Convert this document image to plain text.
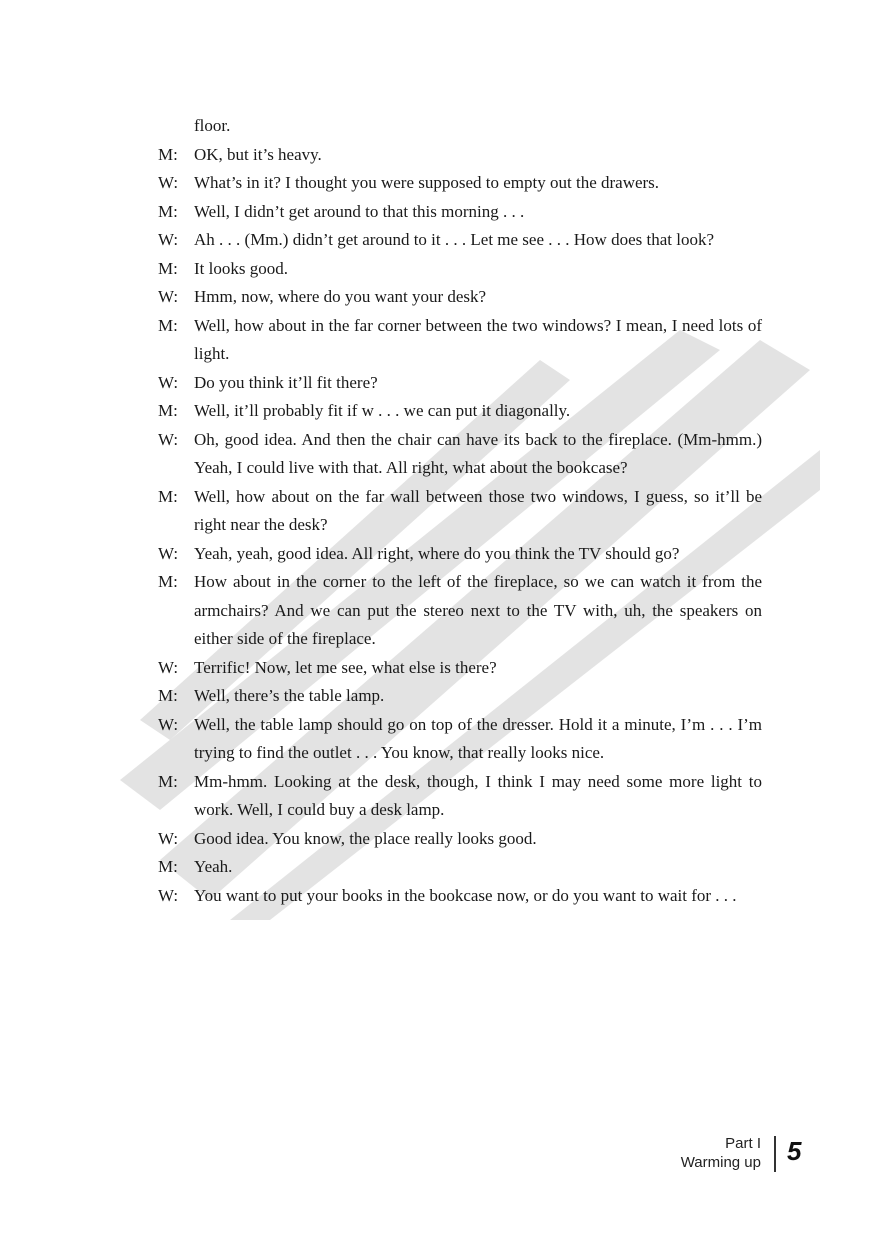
floor.
M: OK, but it’s heavy.
W: What’s in it? I thought you were supposed to empty out the drawers.
M: Well, I didn’t get around to that this morning . . .
W: Ah . . . (Mm.) didn’t get around to it . . . Let me see . . . How does that look?
M: It looks good.
W: Hmm, now, where do you want your desk?
M: Well, how about in the far corner between the two windows? I mean, I need lots of light.
W: Do you think it’ll fit there?
M: Well, it’ll probably fit if w . . . we can put it diagonally.
W: Oh, good idea. And then the chair can have its back to the fireplace. (Mm-hmm.) Yeah, I could live with that. All right, what about the bookcase?
M: Well, how about on the far wall between those two windows, I guess, so it’ll be right near the desk?
W: Yeah, yeah, good idea. All right, where do you think the TV should go?
M: How about in the corner to the left of the fireplace, so we can watch it from the armchairs? And we can put the stereo next to the TV with, uh, the speakers on either side of the fireplace.
W: Terrific! Now, let me see, what else is there?
M: Well, there’s the table lamp.
W: Well, the table lamp should go on top of the dresser. Hold it a minute, I’m . . . I’m trying to find the outlet . . . You know, that really looks nice.
M: Mm-hmm. Looking at the desk, though, I think I may need some more light to work. Well, I could buy a desk lamp.
W: Good idea. You know, the place really looks good.
M: Yeah.
W: You want to put your books in the bookcase now, or do you want to wait for . . .
Part I
Warming up 5
